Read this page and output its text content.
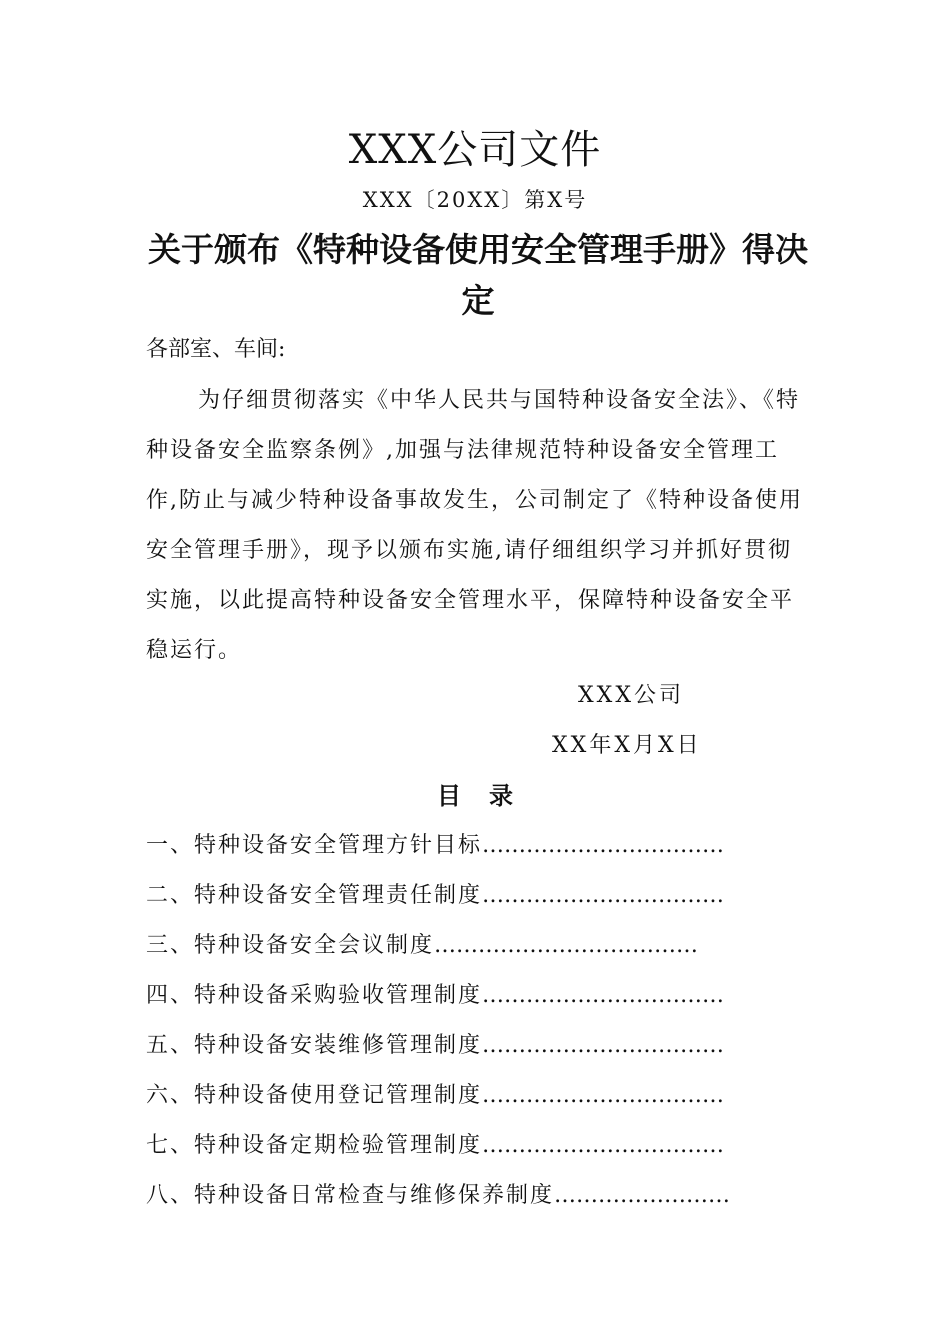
XXX公司文件
XXX〔20XX〕第X号
关于颁布《特种设备使用安全管理手册》得决定
各部室、车间:

为仔细贯彻落实《中华人民共与国特种设备安全法》、《特种设备安全监察条例》,加强与法律规范特种设备安全管理工作,防止与减少特种设备事故发生，公司制定了《特种设备使用安全管理手册》，现予以颁布实施,请仔细组织学习并抓好贯彻实施，以此提高特种设备安全管理水平，保障特种设备安全平稳运行。

XXX公司
XX年X月X日
目录
一、特种设备安全管理方针目标……………………………
二、特种设备安全管理责任制度……………………………
三、特种设备安全会议制度………………………………
四、特种设备采购验收管理制度……………………………
五、特种设备安装维修管理制度……………………………
六、特种设备使用登记管理制度……………………………
七、特种设备定期检验管理制度……………………………
八、特种设备日常检查与维修保养制度……………………
